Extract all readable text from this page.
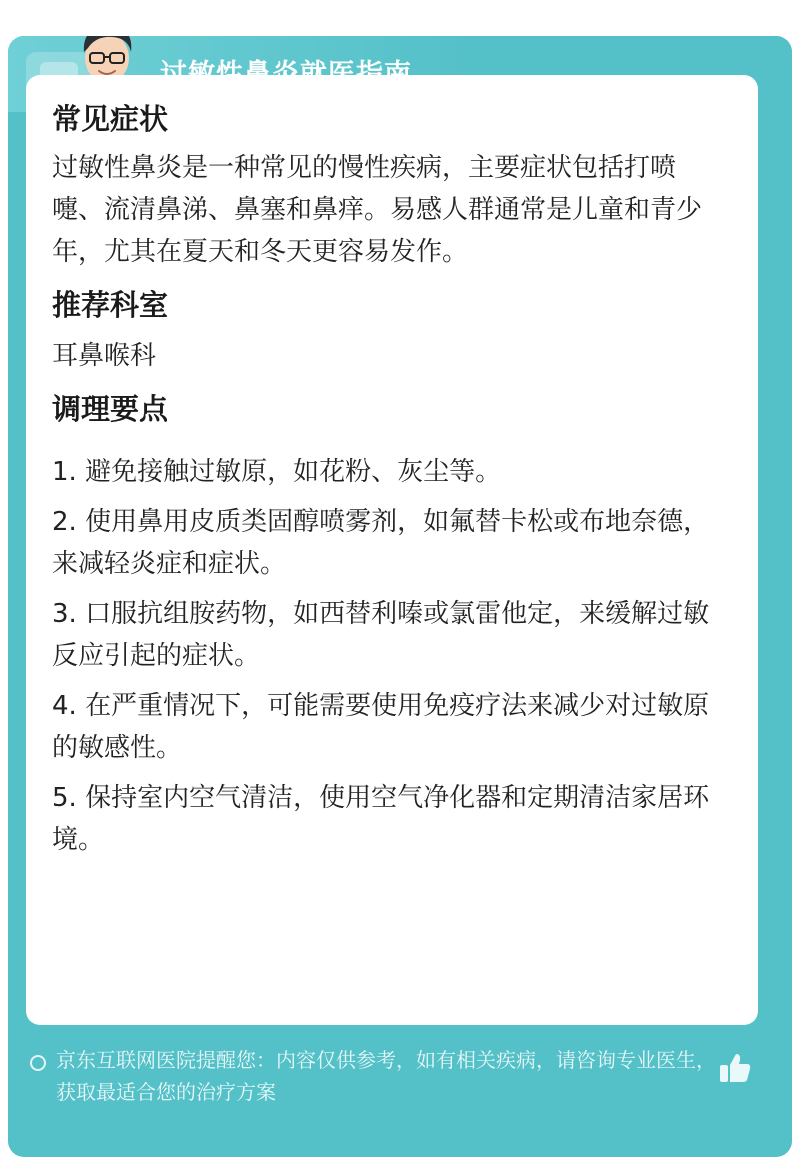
常见症状

过敏性鼻炎是一种常见的慢性疾病，主要症状包括打喷嚏、流清鼻涕、鼻塞和鼻痒。易感人群通常是儿童和青少年，尤其在夏天和冬天更容易发作。

推荐科室

耳鼻喉科

调理要点

1. 避免接触过敏原，如花粉、灰尘等。

2. 使用鼻用皮质类固醇喷雾剂，如氟替卡松或布地奈德，来减轻炎症和症状。

3. 口服抗组胺药物，如西替利嗪或氯雷他定，来缓解过敏反应引起的症状。

4. 在严重情况下，可能需要使用免疫疗法来减少对过敏原的敏感性。

5. 保持室内空气清洁，使用空气净化器和定期清洁家居环境。

京东互联网医院提醒您：内容仅供参考，如有相关疾病，请咨询专业医生，获取最适合您的治疗方案
